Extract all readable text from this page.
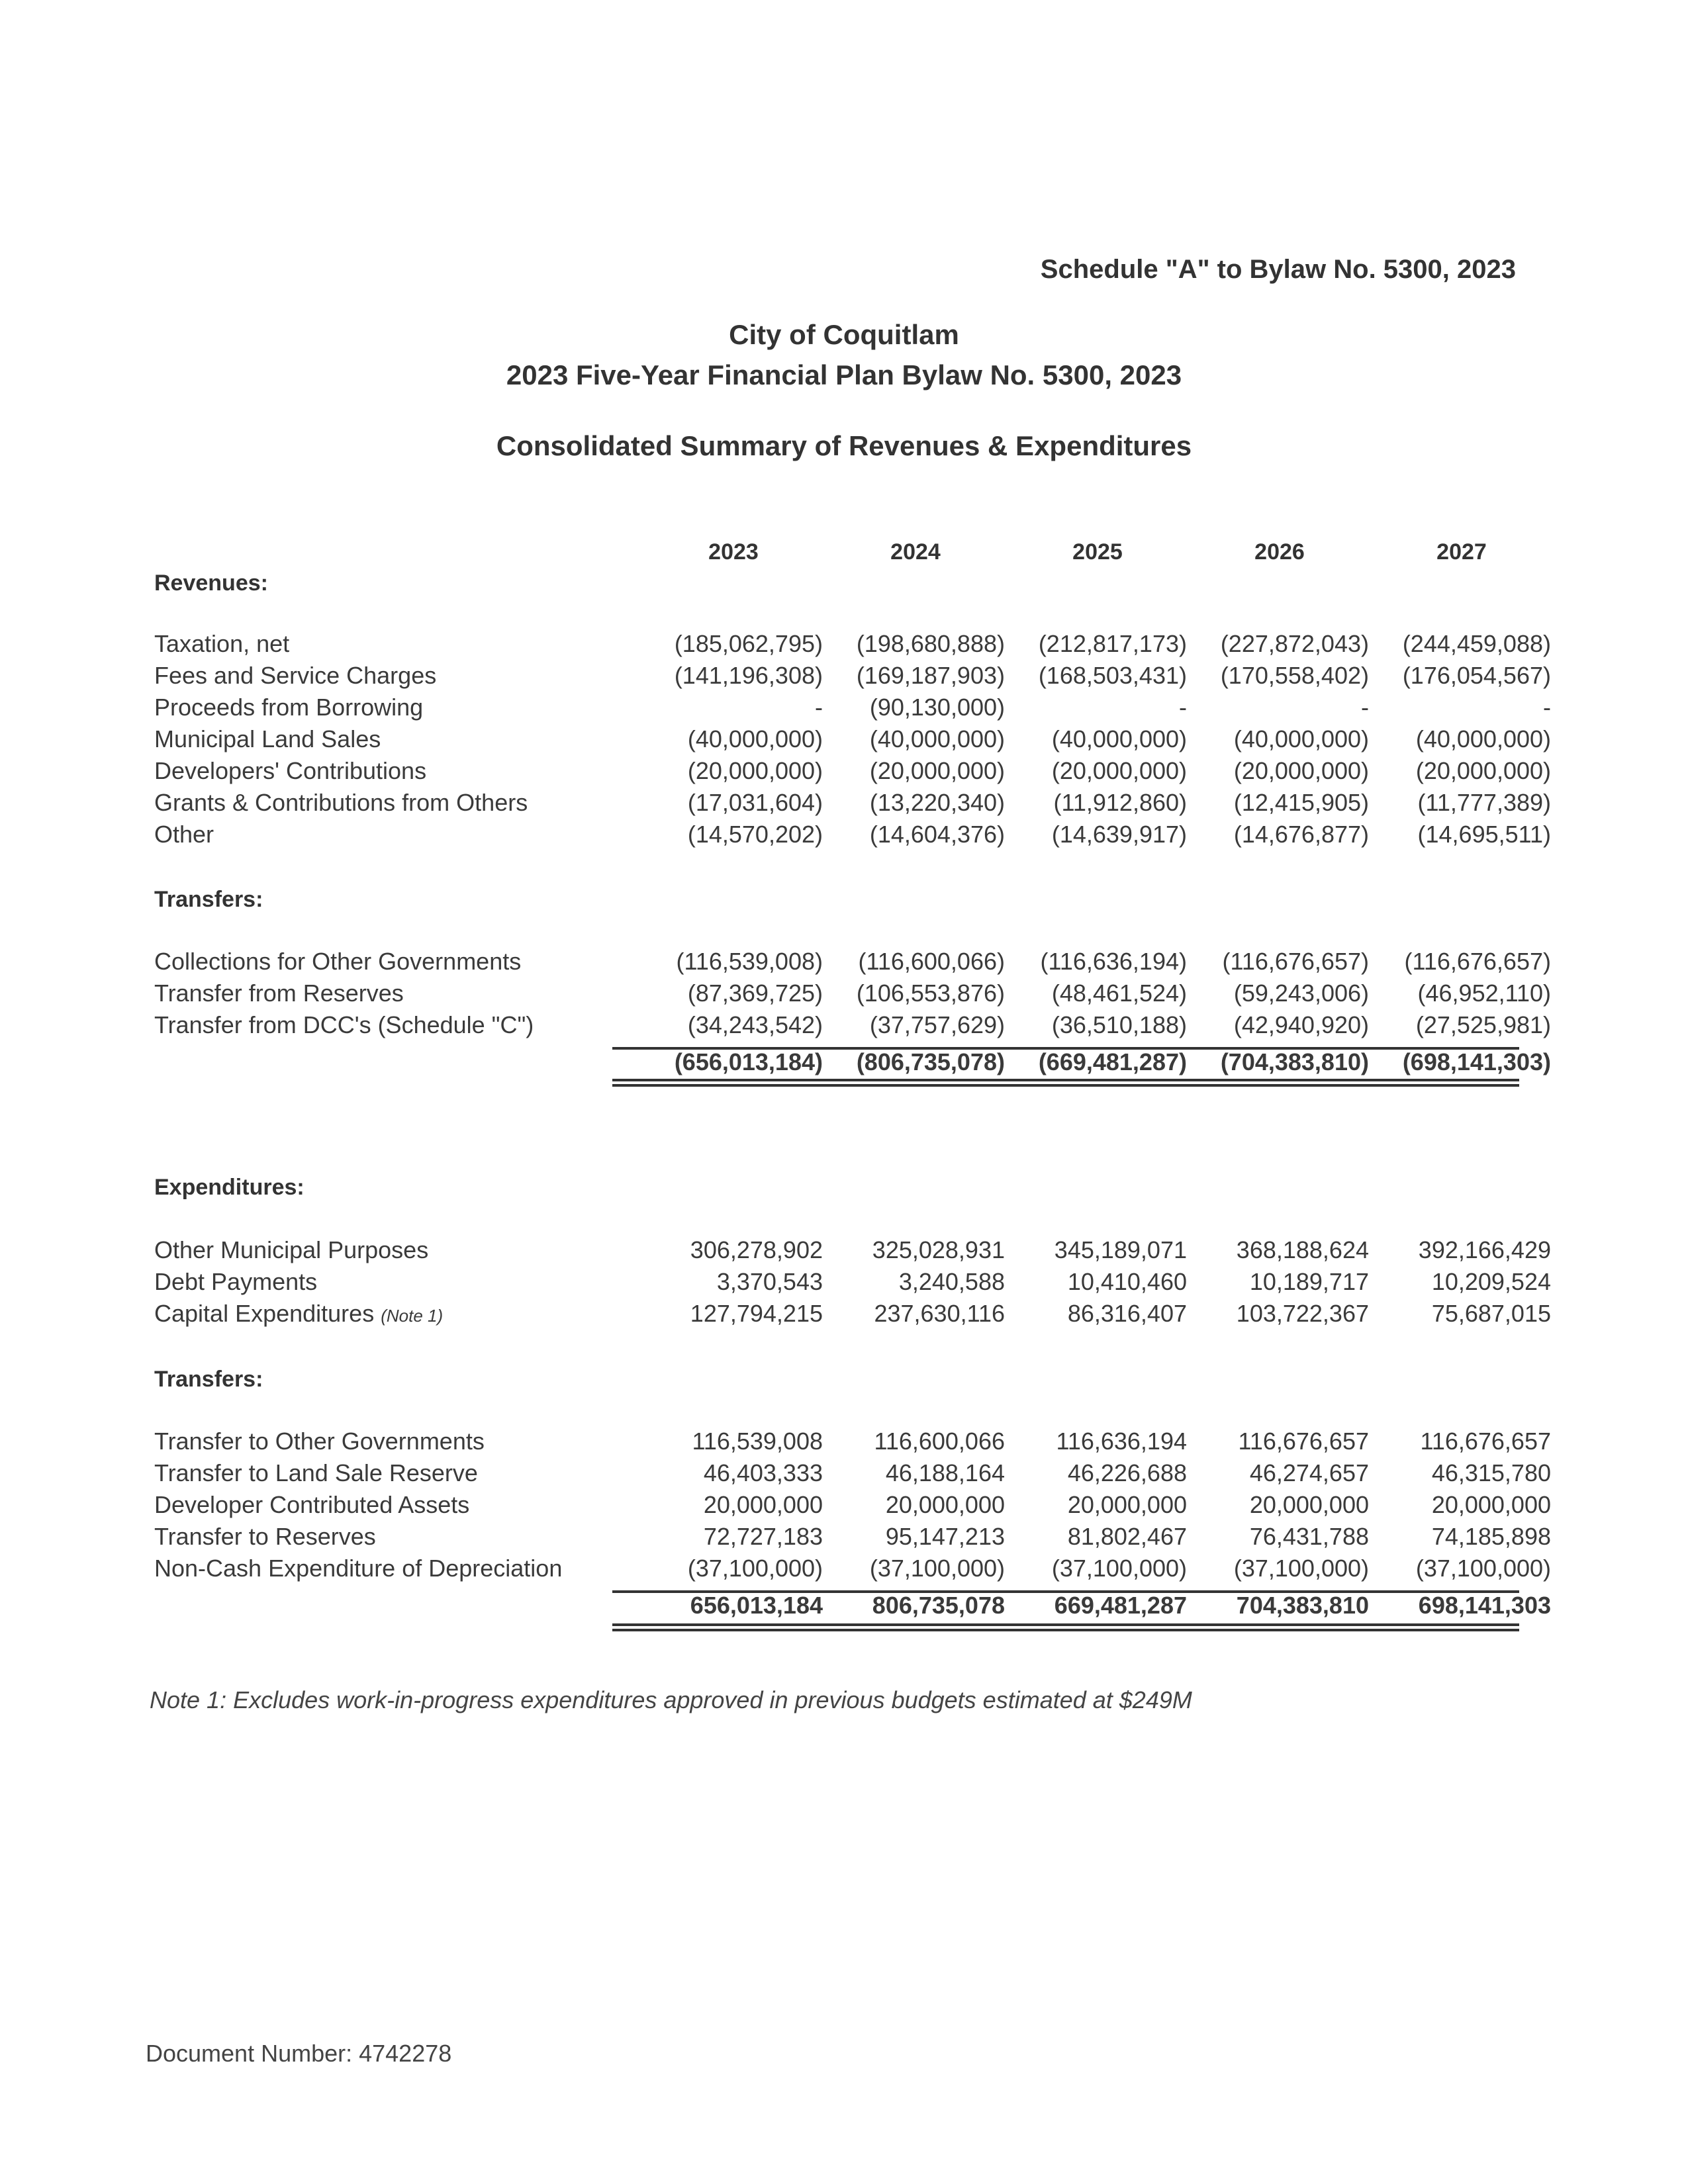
Schedule "A" to Bylaw No. 5300, 2023
City of Coquitlam
2023 Five-Year Financial Plan Bylaw No. 5300, 2023
Consolidated Summary of Revenues & Expenditures
2023	2024	2025	2026	2027
Revenues:
Transfers:
Expenditures:
Transfers:
Note 1: Excludes work-in-progress expenditures approved in previous budgets estimated at $249M
Document Number: 4742278
Taxation, net	(185,062,795)	(198,680,888)	(212,817,173)	(227,872,043)	(244,459,088)
Fees and Service Charges	(141,196,308)	(169,187,903)	(168,503,431)	(170,558,402)	(176,054,567)
Proceeds from Borrowing	-	(90,130,000)	-	-	-
Municipal Land Sales	(40,000,000)	(40,000,000)	(40,000,000)	(40,000,000)	(40,000,000)
Developers' Contributions	(20,000,000)	(20,000,000)	(20,000,000)	(20,000,000)	(20,000,000)
Grants & Contributions from Others	(17,031,604)	(13,220,340)	(11,912,860)	(12,415,905)	(11,777,389)
Other	(14,570,202)	(14,604,376)	(14,639,917)	(14,676,877)	(14,695,511)
Collections for Other Governments	(116,539,008)	(116,600,066)	(116,636,194)	(116,676,657)	(116,676,657)
Transfer from Reserves	(87,369,725)	(106,553,876)	(48,461,524)	(59,243,006)	(46,952,110)
Transfer from DCC's (Schedule "C")	(34,243,542)	(37,757,629)	(36,510,188)	(42,940,920)	(27,525,981)
(656,013,184)	(806,735,078)	(669,481,287)	(704,383,810)	(698,141,303)
Other Municipal Purposes	306,278,902	325,028,931	345,189,071	368,188,624	392,166,429
Debt Payments	3,370,543	3,240,588	10,410,460	10,189,717	10,209,524
Capital Expenditures (Note 1)	127,794,215	237,630,116	86,316,407	103,722,367	75,687,015
Transfer to Other Governments	116,539,008	116,600,066	116,636,194	116,676,657	116,676,657
Transfer to Land Sale Reserve	46,403,333	46,188,164	46,226,688	46,274,657	46,315,780
Developer Contributed Assets	20,000,000	20,000,000	20,000,000	20,000,000	20,000,000
Transfer to Reserves	72,727,183	95,147,213	81,802,467	76,431,788	74,185,898
Non-Cash Expenditure of Depreciation	(37,100,000)	(37,100,000)	(37,100,000)	(37,100,000)	(37,100,000)
656,013,184	806,735,078	669,481,287	704,383,810	698,141,303
